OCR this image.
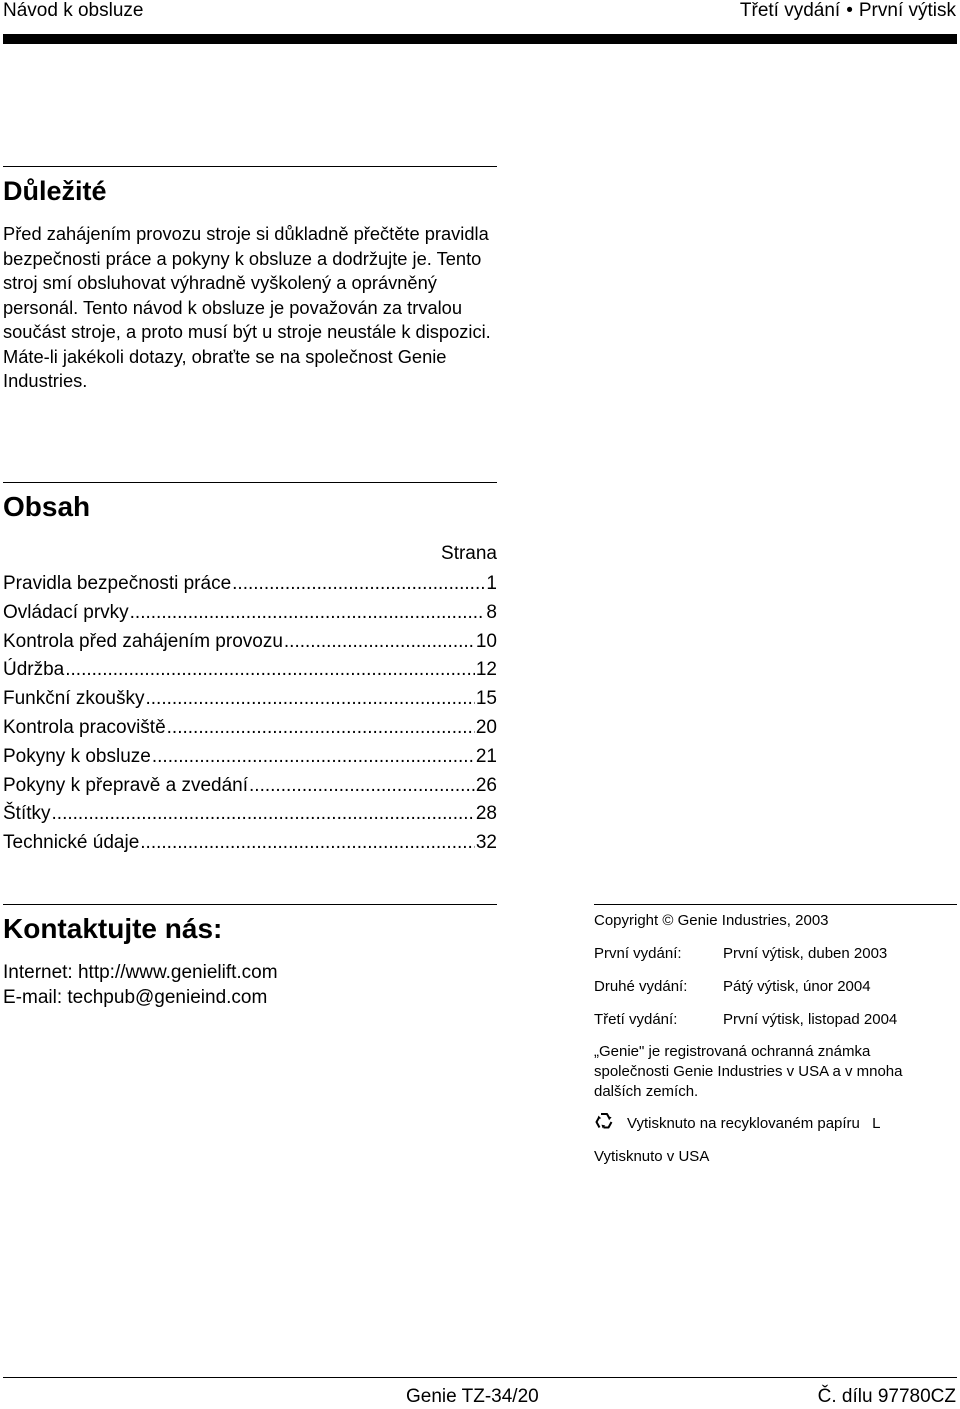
Návod k obsluze	Třetí vydání • První výtisk
Důležité
Před zahájením provozu stroje si důkladně přečtěte pravidla bezpečnosti práce a pokyny k obsluze a dodržujte je. Tento stroj smí obsluhovat výhradně vyškolený a oprávněný personál. Tento návod k obsluze je považován za trvalou součást stroje, a proto musí být u stroje neustále k dispozici. Máte-li jakékoli dotazy, obraťte se na společnost Genie Industries.
Obsah
Strana
Pravidla bezpečnosti práce .....	1
Ovládací prvky .....	8
Kontrola před zahájením provozu .....	10
Údržba .....	12
Funkční zkoušky .....	15
Kontrola pracoviště .....	20
Pokyny k obsluze .....	21
Pokyny k přepravě a zvedání .....	26
Štítky .....	28
Technické údaje .....	32
Kontaktujte nás:
Internet: http://www.genielift.com
E-mail: techpub@genieind.com
Copyright © Genie Industries, 2003
První vydání:	První výtisk, duben 2003
Druhé vydání: Pátý výtisk, únor 2004
Třetí vydání:	První výtisk, listopad 2004
„Genie" je registrovaná ochranná známka společnosti Genie Industries v USA a v mnoha dalších zemích.
Vytisknuto na recyklovaném papíru L
Vytisknuto v USA
Genie TZ-34/20	Č. dílu 97780CZ
